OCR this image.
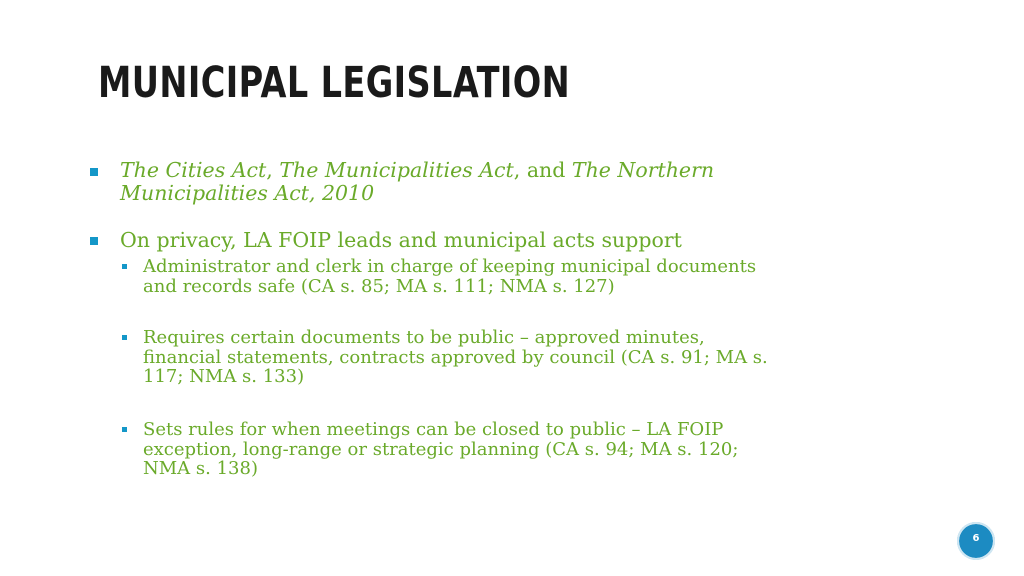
MUNICIPAL LEGISLATION
The Cities Act, The Municipalities Act, and The Northern
Municipalities Act, 2010
On privacy, LA FOIP leads and municipal acts support
Administrator and clerk in charge of keeping municipal documents
and records safe (CA s. 85; MA s. 111; NMA s. 127)
Requires certain documents to be public – approved minutes,
financial statements, contracts approved by council (CA s. 91; MA s.
117; NMA s. 133)
Sets rules for when meetings can be closed to public – LA FOIP
exception, long-range or strategic planning (CA s. 94; MA s. 120;
NMA s. 138)
6
